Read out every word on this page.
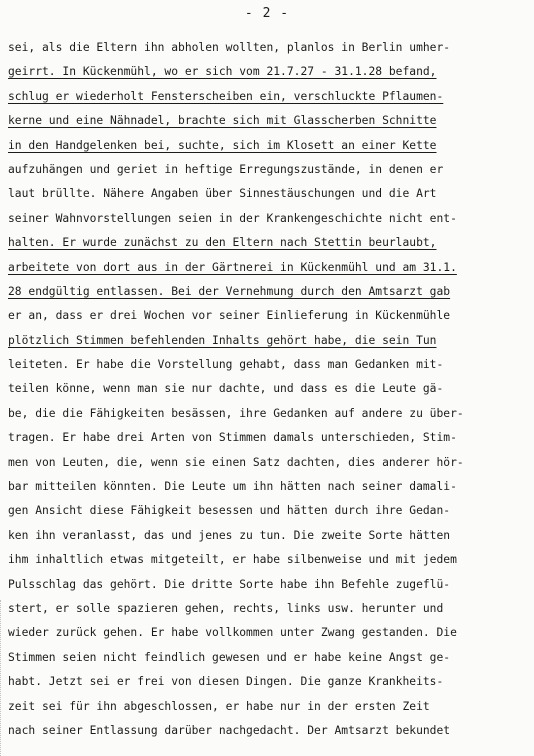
- 2 -
sei, als die Eltern ihn abholen wollten, planlos in Berlin umher-
geirrt. In Kückenmühl, wo er sich vom 21.7.27 - 31.1.28 befand,
schlug er wiederholt Fensterscheiben ein, verschluckte Pflaumen-
kerne und eine Nähnadel, brachte sich mit Glasscherben Schnitte
in den Handgelenken bei, suchte, sich im Klosett an einer Kette
aufzuhängen und geriet in heftige Erregungszustände, in denen er
laut brüllte. Nähere Angaben über Sinnestäuschungen und die Art
seiner Wahnvorstellungen seien in der Krankengeschichte nicht ent-
halten. Er wurde zunächst zu den Eltern nach Stettin beurlaubt,
arbeitete von dort aus in der Gärtnerei in Kückenmühl und am 31.1.
28 endgültig entlassen. Bei der Vernehmung durch den Amtsarzt gab
er an, dass er drei Wochen vor seiner Einlieferung in Kückenmühle
plötzlich Stimmen befehlenden Inhalts gehört habe, die sein Tun
leiteten. Er habe die Vorstellung gehabt, dass man Gedanken mit-
teilen könne, wenn man sie nur dachte, und dass es die Leute gä-
be, die die Fähigkeiten besässen, ihre Gedanken auf andere zu über-
tragen. Er habe drei Arten von Stimmen damals unterschieden, Stim-
men von Leuten, die, wenn sie einen Satz dachten, dies anderer hör-
bar mitteilen könnten. Die Leute um ihn hätten nach seiner damali-
gen Ansicht diese Fähigkeit besessen und hätten durch ihre Gedan-
ken ihn veranlasst, das und jenes zu tun. Die zweite Sorte hätten
ihm inhaltlich etwas mitgeteilt, er habe silbenweise und mit jedem
Pulsschlag das gehört. Die dritte Sorte habe ihn Befehle zugeflü-
stert, er solle spazieren gehen, rechts, links usw. herunter und
wieder zurück gehen. Er habe vollkommen unter Zwang gestanden. Die
Stimmen seien nicht feindlich gewesen und er habe keine Angst ge-
habt. Jetzt sei er frei von diesen Dingen. Die ganze Krankheits-
zeit sei für ihn abgeschlossen, er habe nur in der ersten Zeit
nach seiner Entlassung darüber nachgedacht. Der Amtsarzt bekundet
